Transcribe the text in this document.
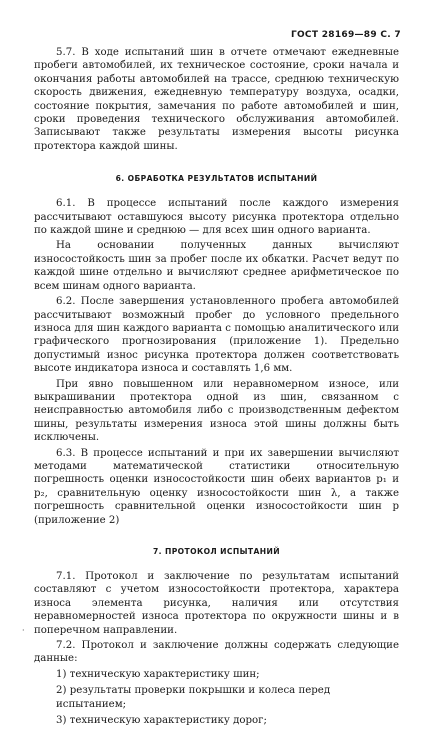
ГОСТ 28169—89 С. 7

5.7. В ходе испытаний шин в отчете отмечают ежедневные пробеги автомобилей, их техническое состояние, сроки начала и окончания работы автомобилей на трассе, среднюю техническую скорость движения, ежедневную температуру воздуха, осадки, состояние покрытия, замечания по работе автомобилей и шин, сроки проведения технического обслуживания автомобилей. Записывают также результаты измерения высоты рисунка протектора каждой шины.

6. ОБРАБОТКА РЕЗУЛЬТАТОВ ИСПЫТАНИЙ

6.1. В процессе испытаний после каждого измерения рассчитывают оставшуюся высоту рисунка протектора отдельно по каждой шине и среднюю — для всех шин одного варианта.

На основании полученных данных вычисляют износостойкость шин за пробег после их обкатки. Расчет ведут по каждой шине отдельно и вычисляют среднее арифметическое по всем шинам одного варианта.

6.2. После завершения установленного пробега автомобилей рассчитывают возможный пробег до условного предельного износа для шин каждого варианта с помощью аналитического или графического прогнозирования (приложение 1). Предельно допустимый износ рисунка протектора должен соответствовать высоте индикатора износа и составлять 1,6 мм.

При явно повышенном или неравномерном износе, или выкрашивании протектора одной из шин, связанном с неисправностью автомобиля либо с производственным дефектом шины, результаты измерения износа этой шины должны быть исключены.

6.3. В процессе испытаний и при их завершении вычисляют методами математической статистики относительную погрешность оценки износостойкости шин обеих вариантов p₁ и p₂, сравнительную оценку износостойкости шин λ, а также погрешность сравнительной оценки износостойкости шин p (приложение 2)

7. ПРОТОКОЛ ИСПЫТАНИЙ

7.1. Протокол и заключение по результатам испытаний составляют с учетом износостойкости протектора, характера износа элемента рисунка, наличия или отсутствия неравномерностей износа протектора по окружности шины и в поперечном направлении.

7.2. Протокол и заключение должны содержать следующие данные:

1) техническую характеристику шин;
2) результаты проверки покрышки и колеса перед испытанием;
3) техническую характеристику дорог;
·
